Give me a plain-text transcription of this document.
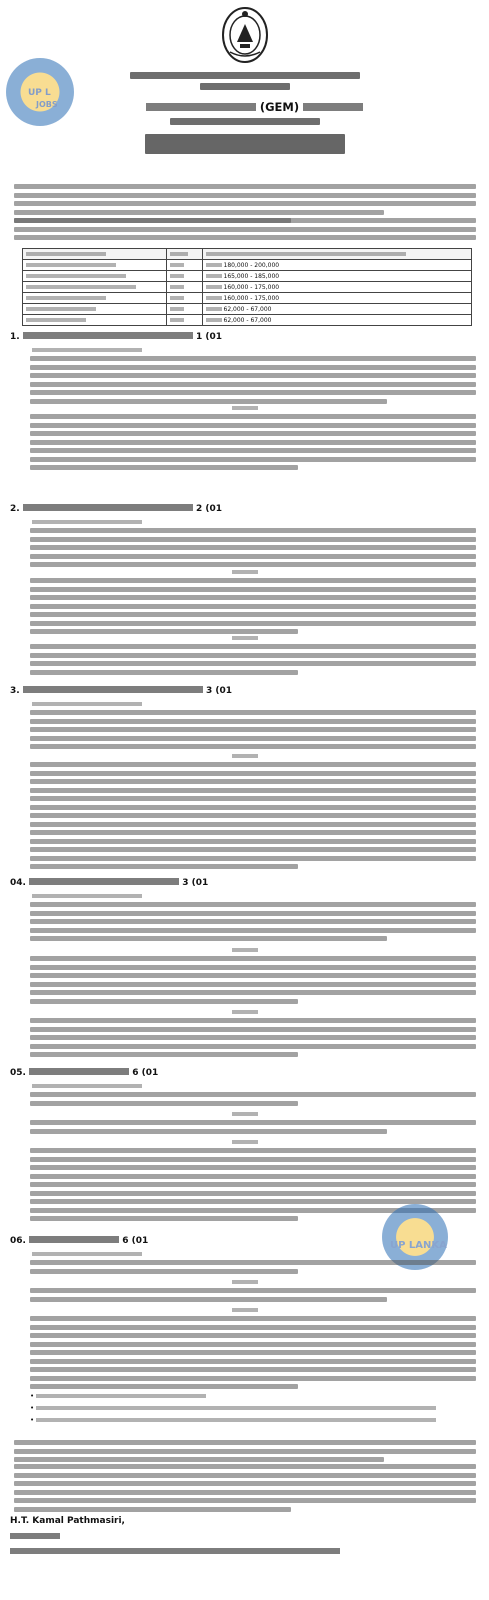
UP L
JOBS	(GEM)

		180,000 - 200,000
		165,000 - 185,000
		160,000 - 175,000
		160,000 - 175,000
		62,000 - 67,000
		62,000 - 67,000
1.	1 (01
2.	2 (01
3.	3 (01
04.	3 (01
05.	6 (01
UP LANKA
06.	6 (01
•
•
•
H.T. Kamal Pathmasiri,
